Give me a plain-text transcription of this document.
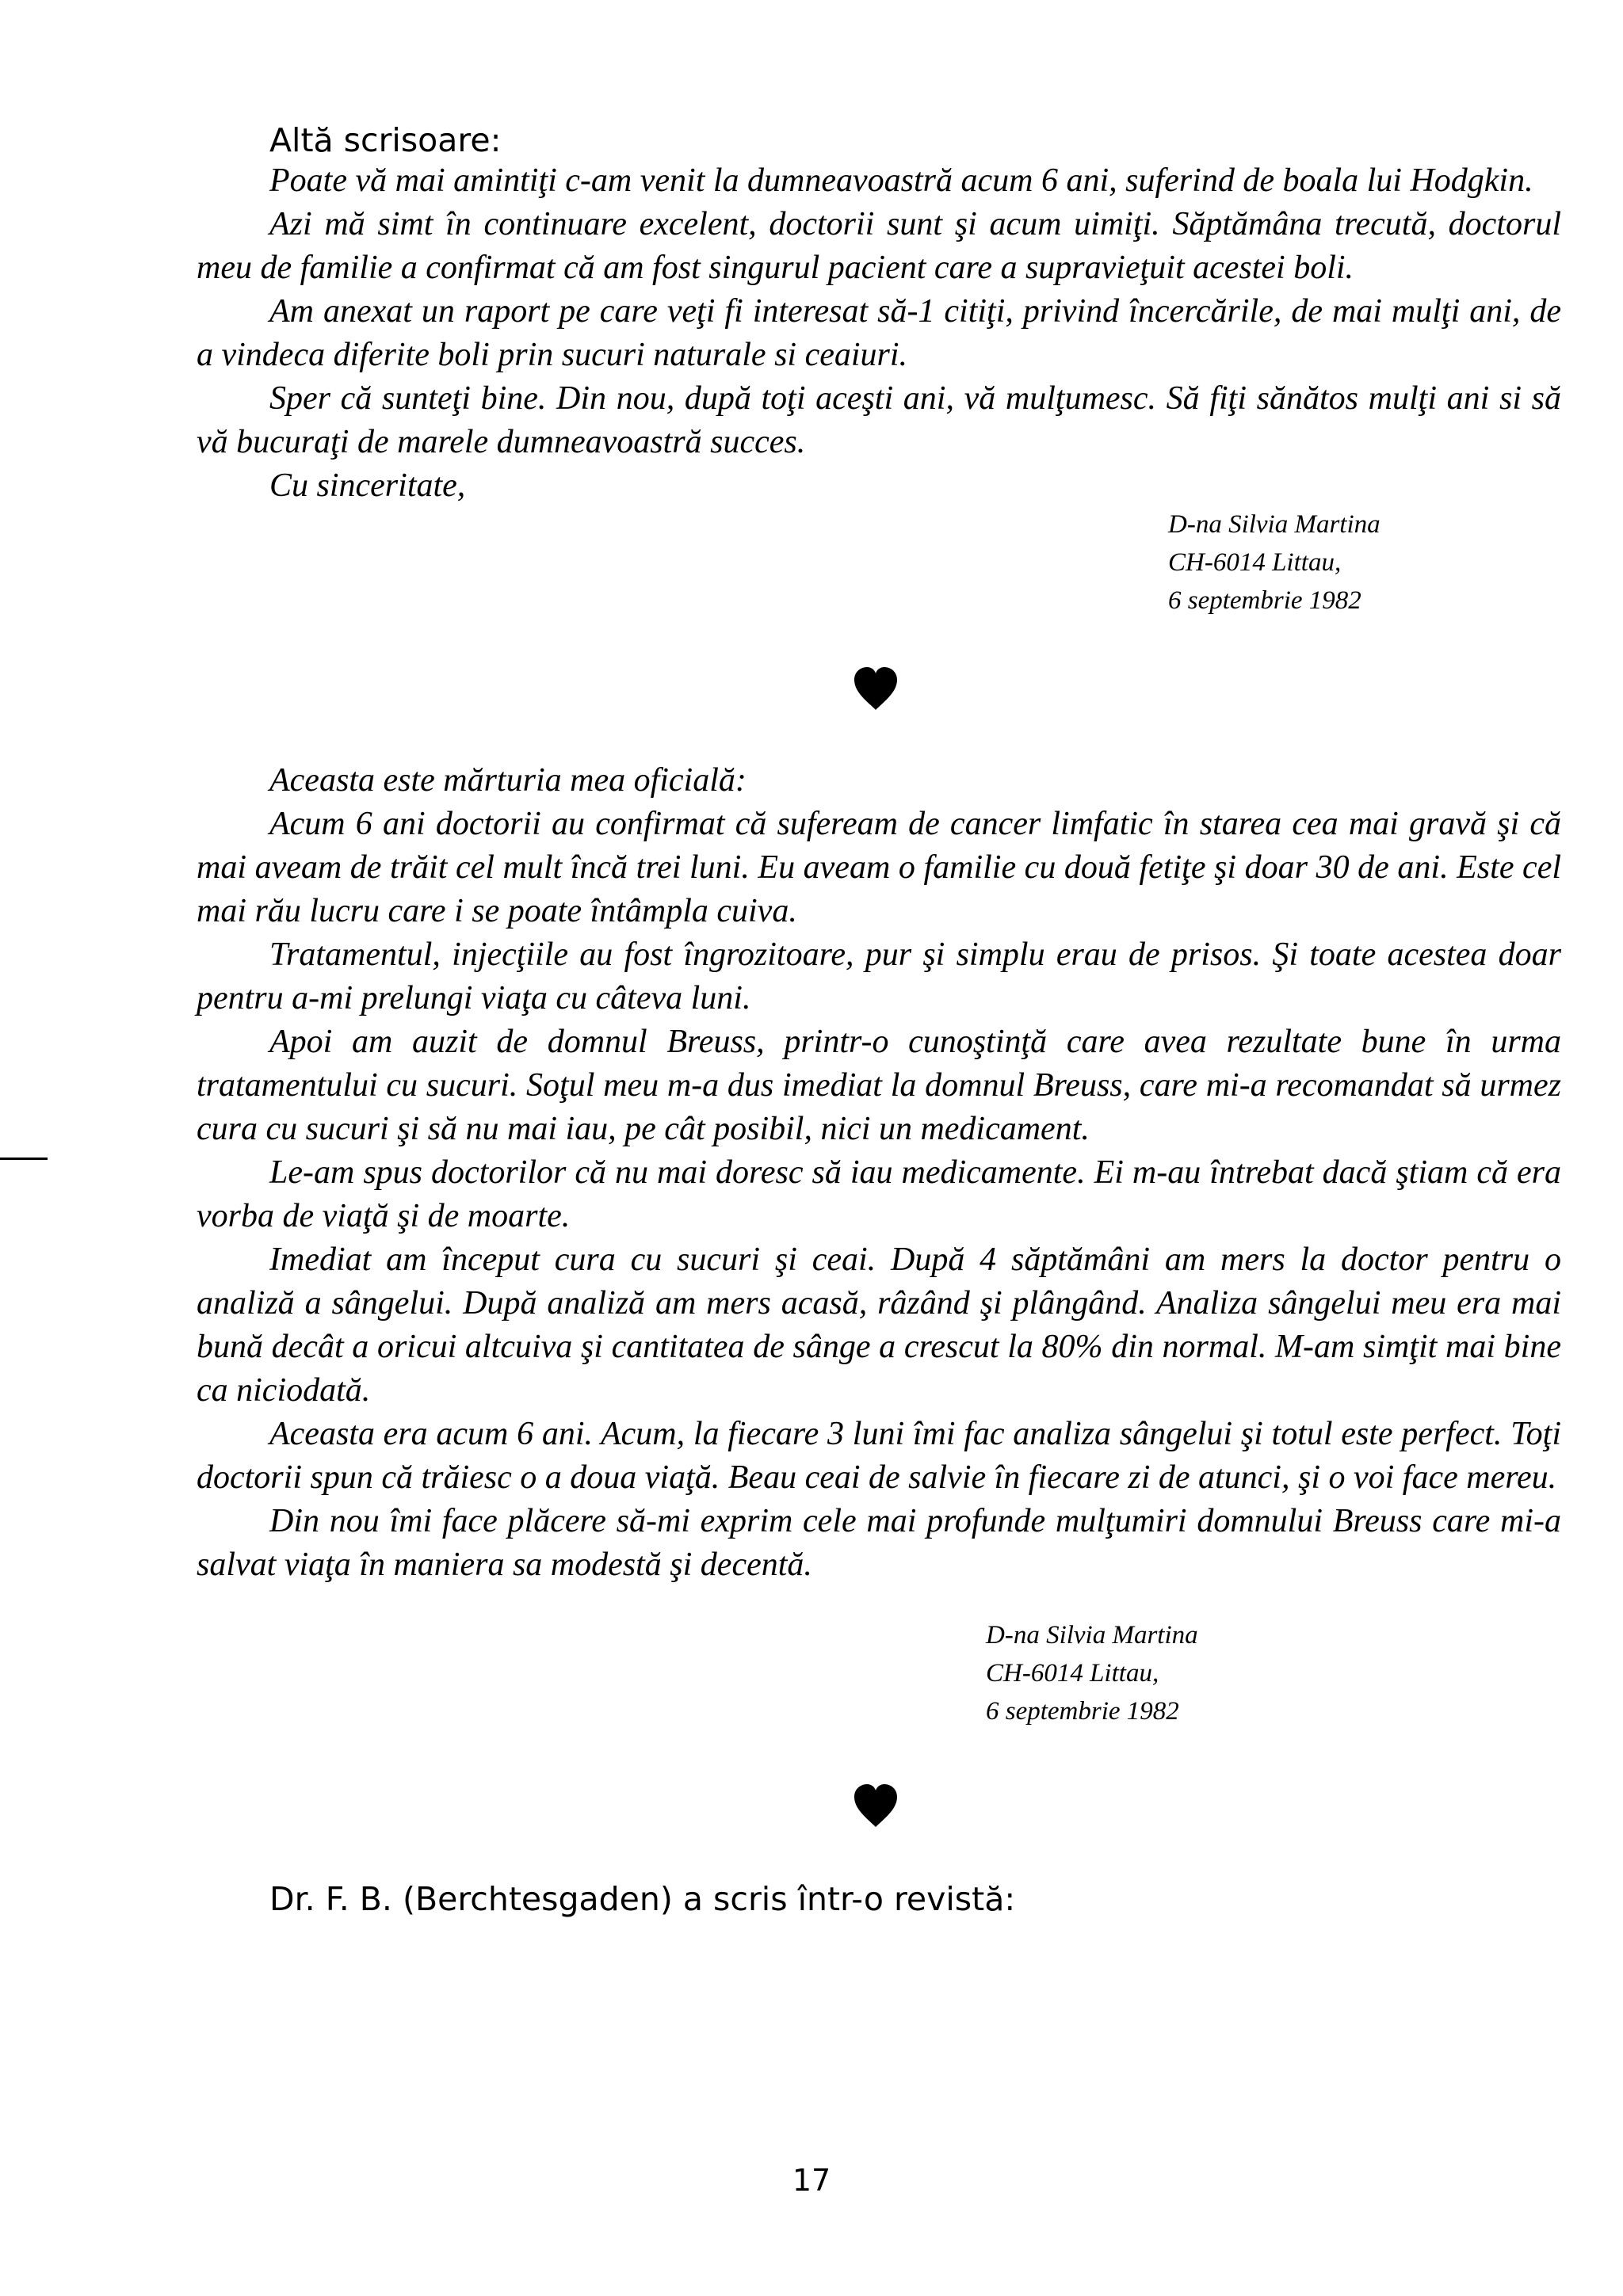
Altă scrisoare:

Poate vă mai amintiţi c-am venit la dumneavoastră acum 6 ani, suferind de boala lui Hodgkin.

Azi mă simt în continuare excelent, doctorii sunt şi acum uimiţi. Săptămâna trecută, doctorul meu de familie a confirmat că am fost singurul pacient care a supravieţuit acestei boli.

Am anexat un raport pe care veţi fi interesat să-1 citiţi, privind încercările, de mai mulţi ani, de a vindeca diferite boli prin sucuri naturale si ceaiuri.

Sper că sunteţi bine. Din nou, după toţi aceşti ani, vă mulţumesc. Să fiţi sănătos mulţi ani si să vă bucuraţi de marele dumneavoastră succes.

Cu sinceritate,

D-na Silvia Martina
CH-6014 Littau,
6 septembrie 1982

Aceasta este mărturia mea oficială:

Acum 6 ani doctorii au confirmat că sufeream de cancer limfatic în starea cea mai gravă şi că mai aveam de trăit cel mult încă trei luni. Eu aveam o familie cu două fetiţe şi doar 30 de ani. Este cel mai rău lucru care i se poate întâmpla cuiva.

Tratamentul, injecţiile au fost îngrozitoare, pur şi simplu erau de prisos. Şi toate acestea doar pentru a-mi prelungi viaţa cu câteva luni.

Apoi am auzit de domnul Breuss, printr-o cunoştinţă care avea rezultate bune în urma tratamentului cu sucuri. Soţul meu m-a dus imediat la domnul Breuss, care mi-a recomandat să urmez cura cu sucuri şi să nu mai iau, pe cât posibil, nici un medicament.

Le-am spus doctorilor că nu mai doresc să iau medicamente. Ei m-au întrebat dacă ştiam că era vorba de viaţă şi de moarte.

Imediat am început cura cu sucuri şi ceai. După 4 săptămâni am mers la doctor pentru o analiză a sângelui. După analiză am mers acasă, râzând şi plângând. Analiza sângelui meu era mai bună decât a oricui altcuiva şi cantitatea de sânge a crescut la 80% din normal. M-am simţit mai bine ca niciodată.

Aceasta era acum 6 ani. Acum, la fiecare 3 luni îmi fac analiza sângelui şi totul este perfect. Toţi doctorii spun că trăiesc o a doua viaţă. Beau ceai de salvie în fiecare zi de atunci, şi o voi face mereu.

Din nou îmi face plăcere să-mi exprim cele mai profunde mulţumiri domnului Breuss care mi-a salvat viaţa în maniera sa modestă şi decentă.

D-na Silvia Martina
CH-6014 Littau,
6 septembrie 1982
Dr. F. B. (Berchtesgaden) a scris într-o revistă:
17
